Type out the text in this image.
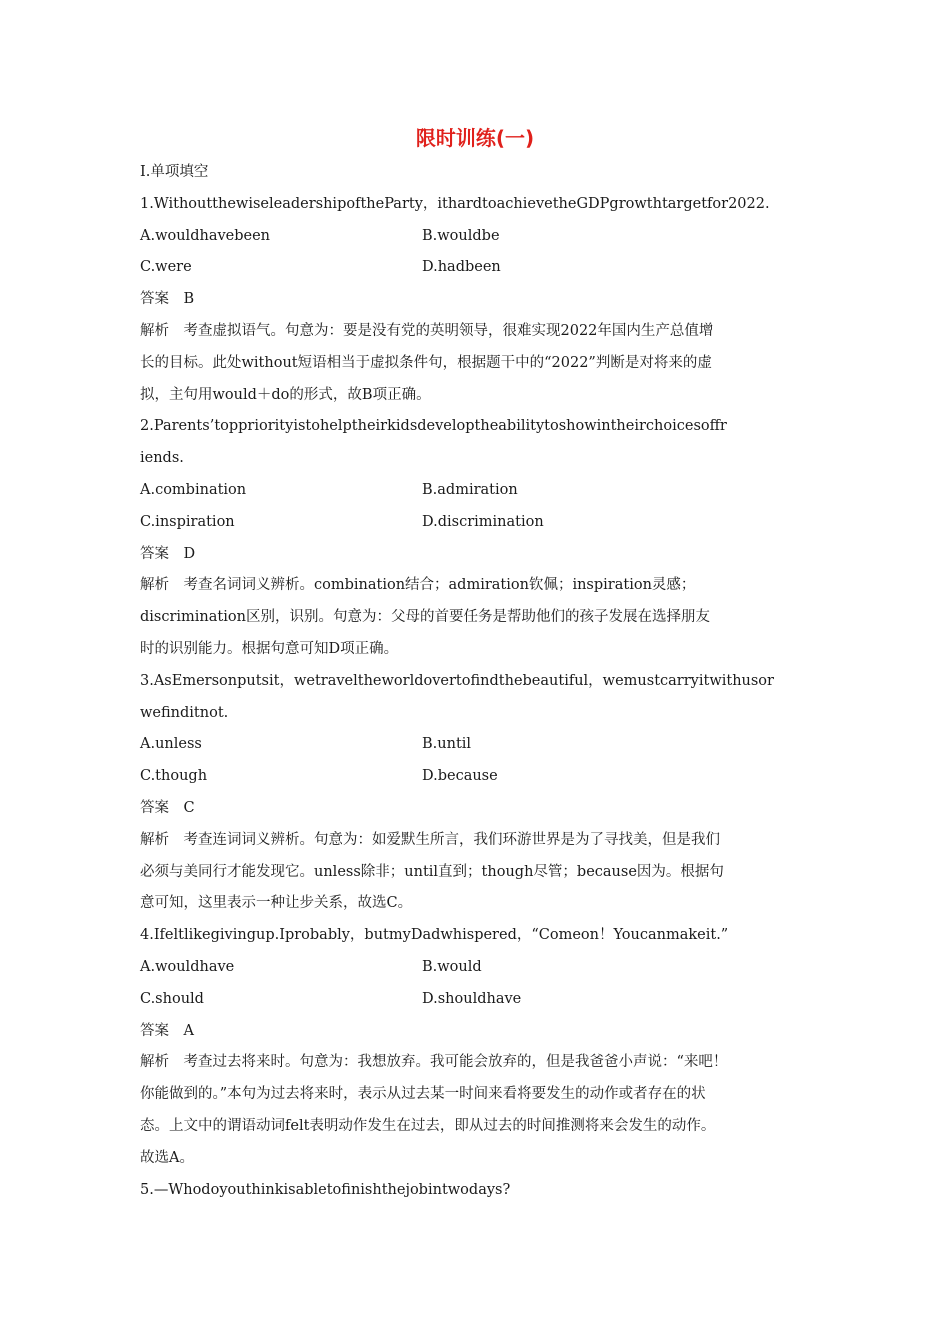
限时训练(一)
Ⅰ.单项填空
1.WithoutthewiseleadershipoftheParty，ithardtoachievetheGDPgrowthtargetfor2022.
A.wouldhavebeen	B.wouldbe
C.were	D.hadbeen
答案　B
解析　考查虚拟语气。句意为：要是没有党的英明领导，很难实现2022年国内生产总值增
长的目标。此处without短语相当于虚拟条件句，根据题干中的“2022”判断是对将来的虚
拟，主句用would＋do的形式，故B项正确。
2.Parents’toppriorityistohelptheirkidsdeveloptheabilitytoshowintheirchoicesoffr
iends.
A.combination	B.admiration
C.inspiration	D.discrimination
答案　D
解析　考查名词词义辨析。combination结合；admiration钦佩；inspiration灵感；
discrimination区别，识别。句意为：父母的首要任务是帮助他们的孩子发展在选择朋友
时的识别能力。根据句意可知D项正确。
3.AsEmersonputsit，wetraveltheworldovertofindthebeautiful，wemustcarryitwithusor
wefinditnot.
A.unless	B.until
C.though	D.because
答案　C
解析　考查连词词义辨析。句意为：如爱默生所言，我们环游世界是为了寻找美，但是我们
必须与美同行才能发现它。unless除非；until直到；though尽管；because因为。根据句
意可知，这里表示一种让步关系，故选C。
4.Ifeltlikegivingup.Iprobably，butmyDadwhispered，“Comeon！Youcanmakeit.”
A.wouldhave	B.would
C.should	D.shouldhave
答案　A
解析　考查过去将来时。句意为：我想放弃。我可能会放弃的，但是我爸爸小声说：“来吧！
你能做到的。”本句为过去将来时，表示从过去某一时间来看将要发生的动作或者存在的状
态。上文中的谓语动词felt表明动作发生在过去，即从过去的时间推测将来会发生的动作。
故选A。
5.—Whodoyouthinkisabletofinishthejobintwodays?
